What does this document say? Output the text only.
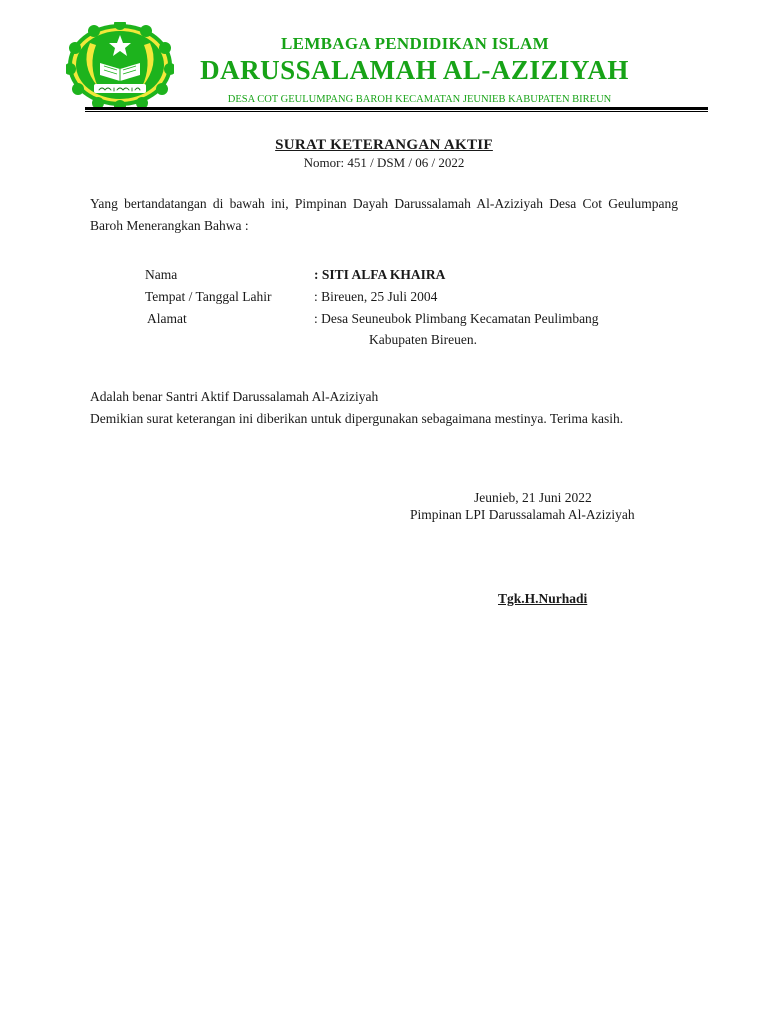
LEMBAGA PENDIDIKAN ISLAM
DARUSSALAMAH AL-AZIZIYAH
DESA COT GEULUMPANG BAROH KECAMATAN JEUNIEB KABUPATEN BIREUN
SURAT KETERANGAN AKTIF
Nomor: 451 / DSM / 06 / 2022
Yang bertandatangan di bawah ini, Pimpinan Dayah Darussalamah Al-Aziziyah Desa Cot Geulumpang Baroh Menerangkan Bahwa :
Nama	: SITI ALFA KHAIRA
Tempat / Tanggal Lahir	: Bireuen, 25 Juli 2004
Alamat	: Desa Seuneubok Plimbang Kecamatan Peulimbang
Kabupaten Bireuen.
Adalah benar Santri Aktif Darussalamah Al-Aziziyah
Demikian surat keterangan ini diberikan untuk dipergunakan sebagaimana mestinya. Terima kasih.
Jeunieb, 21 Juni 2022
Pimpinan LPI Darussalamah Al-Aziziyah
Tgk.H.Nurhadi
